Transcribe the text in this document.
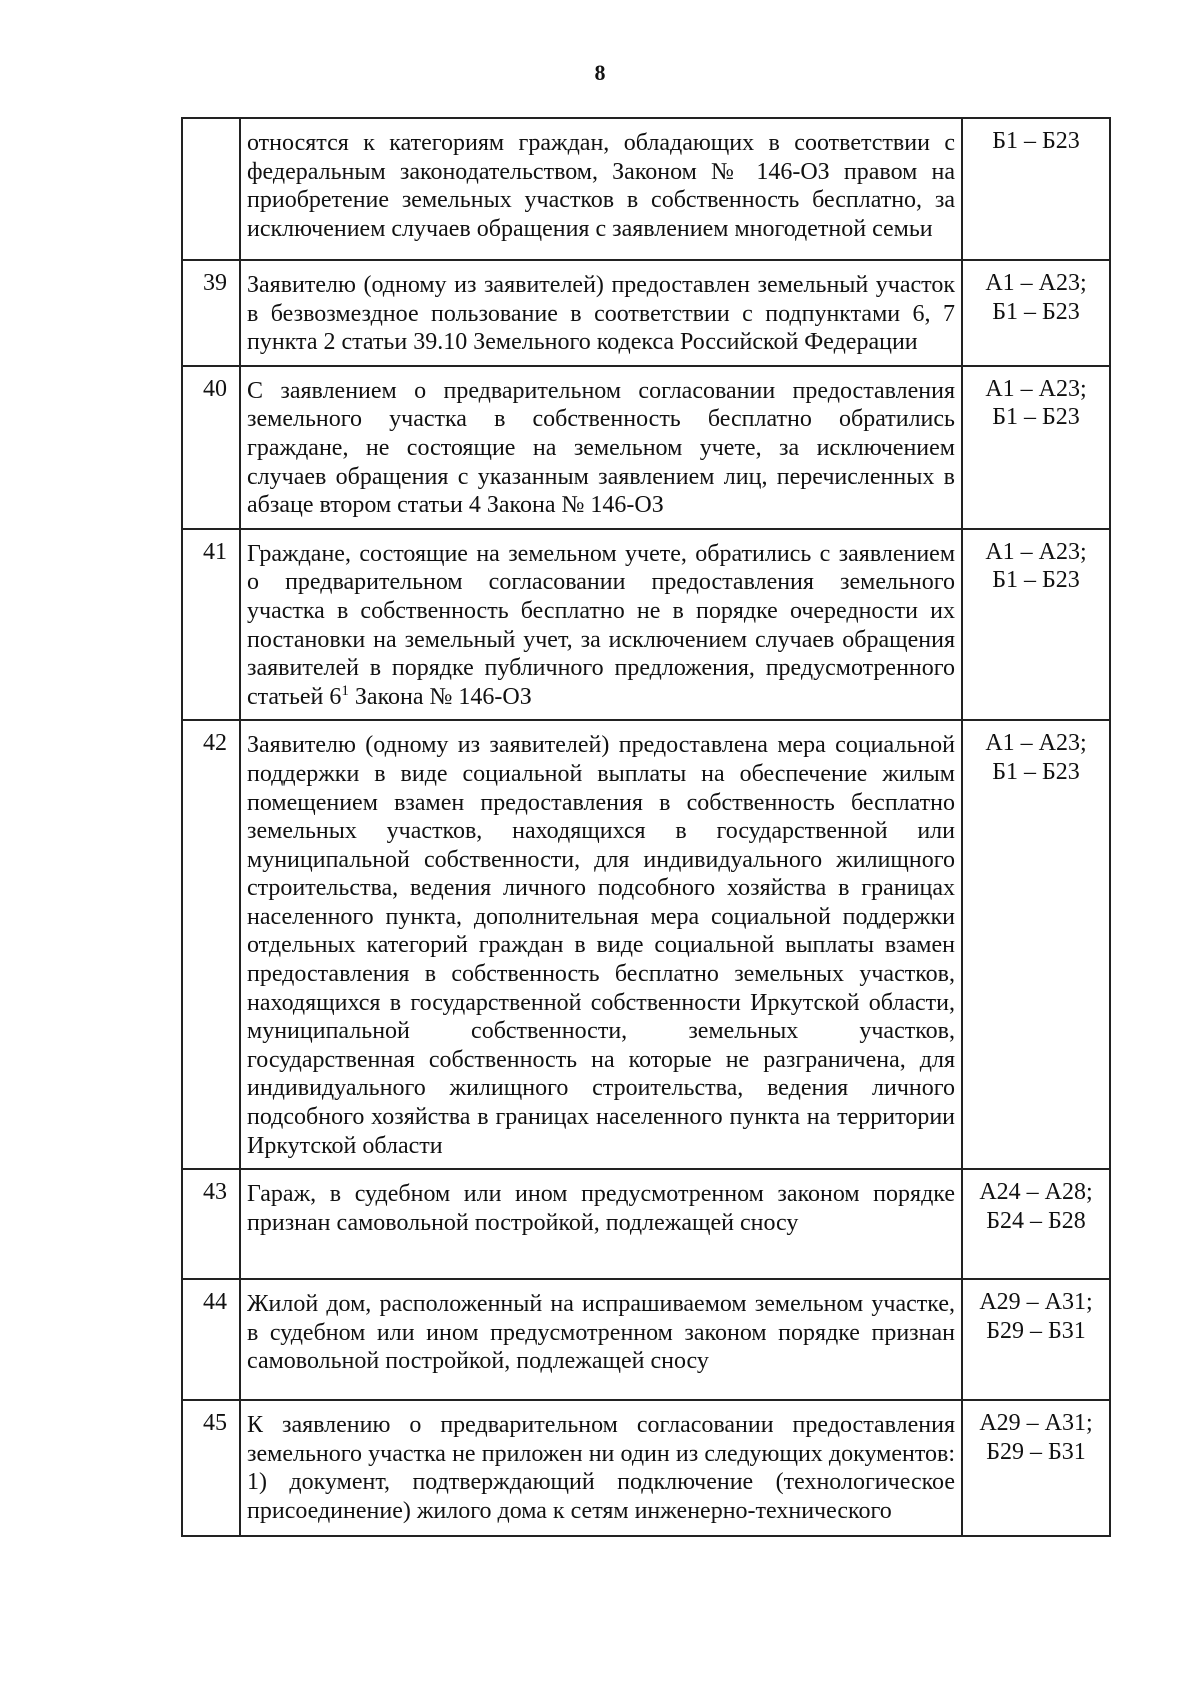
8
	относятся к категориям граждан, обладающих в соответствии с федеральным законодательством, Законом № 146-ОЗ правом на приобретение земельных участков в собственность бесплатно, за исключением случаев обращения с заявлением многодетной семьи	Б1 – Б23

39	Заявителю (одному из заявителей) предоставлен земельный участок в безвозмездное пользование в соответствии с подпунктами 6, 7 пункта 2 статьи 39.10 Земельного кодекса Российской Федерации	А1 – А23;
Б1 – Б23

40	С заявлением о предварительном согласовании предоставления земельного участка в собственность бесплатно обратились граждане, не состоящие на земельном учете, за исключением случаев обращения с указанным заявлением лиц, перечисленных в абзаце втором статьи 4 Закона № 146-ОЗ	А1 – А23;
Б1 – Б23

41	Граждане, состоящие на земельном учете, обратились с заявлением о предварительном согласовании предоставления земельного участка в собственность бесплатно не в порядке очередности их постановки на земельный учет, за исключением случаев обращения заявителей в порядке публичного предложения, предусмотренного статьей $6^1$ Закона № 146-ОЗ	А1 – А23;
Б1 – Б23

42	Заявителю (одному из заявителей) предоставлена мера социальной поддержки в виде социальной выплаты на обеспечение жилым помещением взамен предоставления в собственность бесплатно земельных участков, находящихся в государственной или муниципальной собственности, для индивидуального жилищного строительства, ведения личного подсобного хозяйства в границах населенного пункта, дополнительная мера социальной поддержки отдельных категорий граждан в виде социальной выплаты взамен предоставления в собственность бесплатно земельных участков, находящихся в государственной собственности Иркутской области, муниципальной собственности, земельных участков, государственная собственность на которые не разграничена, для индивидуального жилищного строительства, ведения личного подсобного хозяйства в границах населенного пункта на территории Иркутской области	А1 – А23;
Б1 – Б23

43	Гараж, в судебном или ином предусмотренном законом порядке признан самовольной постройкой, подлежащей сносу	А24 – А28;
Б24 – Б28

44	Жилой дом, расположенный на испрашиваемом земельном участке, в судебном или ином предусмотренном законом порядке признан самовольной постройкой, подлежащей сносу	А29 – А31;
Б29 – Б31

45	К заявлению о предварительном согласовании предоставления земельного участка не приложен ни один из следующих документов: 1) документ, подтверждающий подключение (технологическое присоединение) жилого дома к сетям инженерно-технического	А29 – А31;
Б29 – Б31
